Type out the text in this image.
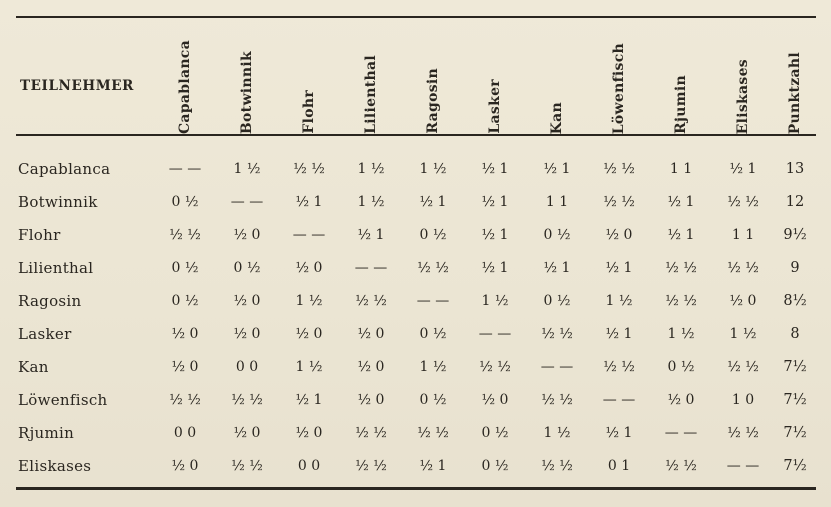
TEILNEHMER	Capablanca	Botwinnik	Flohr	Lilienthal	Ragosin	Lasker	Kan	Löwenfisch	Rjumin	Eliskases	Punktzahl

Capablanca	— —	1 ½	½ ½	1 ½	1 ½	½ 1	½ 1	½ ½	1 1	½ 1	13
Botwinnik	0 ½	— —	½ 1	1 ½	½ 1	½ 1	1 1	½ ½	½ 1	½ ½	12
Flohr	½ ½	½ 0	— —	½ 1	0 ½	½ 1	0 ½	½ 0	½ 1	1 1	9½
Lilienthal	0 ½	0 ½	½ 0	— —	½ ½	½ 1	½ 1	½ 1	½ ½	½ ½	9
Ragosin	0 ½	½ 0	1 ½	½ ½	— —	1 ½	0 ½	1 ½	½ ½	½ 0	8½
Lasker	½ 0	½ 0	½ 0	½ 0	0 ½	— —	½ ½	½ 1	1 ½	1 ½	8
Kan	½ 0	0 0	1 ½	½ 0	1 ½	½ ½	— —	½ ½	0 ½	½ ½	7½
Löwenfisch	½ ½	½ ½	½ 1	½ 0	0 ½	½ 0	½ ½	— —	½ 0	1 0	7½
Rjumin	0 0	½ 0	½ 0	½ ½	½ ½	0 ½	1 ½	½ 1	— —	½ ½	7½
Eliskases	½ 0	½ ½	0 0	½ ½	½ 1	0 ½	½ ½	0 1	½ ½	— —	7½
